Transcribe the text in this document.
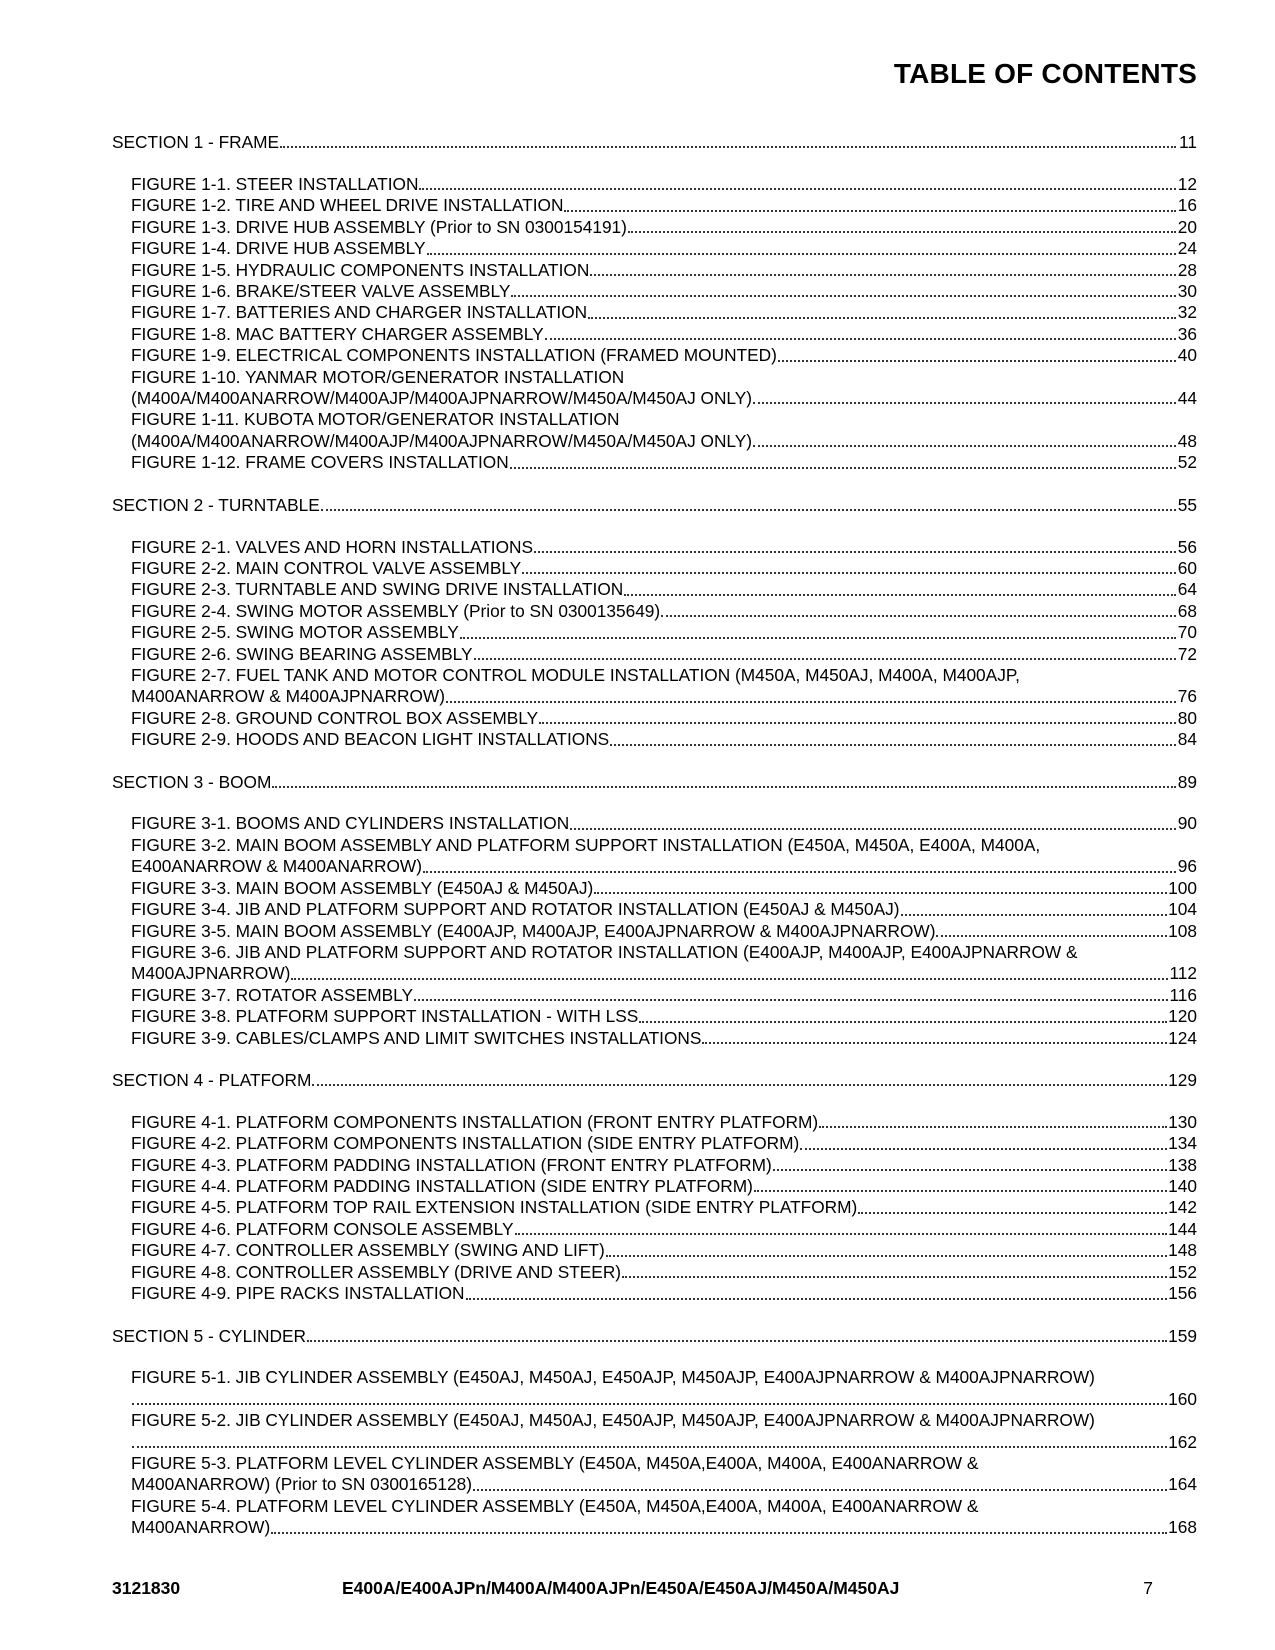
TABLE OF CONTENTS
SECTION 1 - FRAME	11
FIGURE 1-1. STEER INSTALLATION	12
FIGURE 1-2. TIRE AND WHEEL DRIVE INSTALLATION	16
FIGURE 1-3. DRIVE HUB ASSEMBLY (Prior to SN 0300154191)	20
FIGURE 1-4. DRIVE HUB ASSEMBLY	24
FIGURE 1-5. HYDRAULIC COMPONENTS INSTALLATION	28
FIGURE 1-6. BRAKE/STEER VALVE ASSEMBLY	30
FIGURE 1-7. BATTERIES AND CHARGER INSTALLATION	32
FIGURE 1-8. MAC BATTERY CHARGER ASSEMBLY	36
FIGURE 1-9. ELECTRICAL COMPONENTS INSTALLATION (FRAMED MOUNTED)	40
FIGURE 1-10. YANMAR MOTOR/GENERATOR INSTALLATION
(M400A/M400ANARROW/M400AJP/M400AJPNARROW/M450A/M450AJ ONLY)	44
FIGURE 1-11. KUBOTA MOTOR/GENERATOR INSTALLATION
(M400A/M400ANARROW/M400AJP/M400AJPNARROW/M450A/M450AJ ONLY)	48
FIGURE 1-12. FRAME COVERS INSTALLATION	52
SECTION 2 - TURNTABLE	55
FIGURE 2-1. VALVES AND HORN INSTALLATIONS	56
FIGURE 2-2. MAIN CONTROL VALVE ASSEMBLY	60
FIGURE 2-3. TURNTABLE AND SWING DRIVE INSTALLATION	64
FIGURE 2-4. SWING MOTOR ASSEMBLY (Prior to SN 0300135649)	68
FIGURE 2-5. SWING MOTOR ASSEMBLY	70
FIGURE 2-6. SWING BEARING ASSEMBLY	72
FIGURE 2-7. FUEL TANK AND MOTOR CONTROL MODULE INSTALLATION (M450A, M450AJ, M400A, M400AJP,
M400ANARROW & M400AJPNARROW)	76
FIGURE 2-8. GROUND CONTROL BOX ASSEMBLY	80
FIGURE 2-9. HOODS AND BEACON LIGHT INSTALLATIONS	84
SECTION 3 - BOOM	89
FIGURE 3-1. BOOMS AND CYLINDERS INSTALLATION	90
FIGURE 3-2. MAIN BOOM ASSEMBLY AND PLATFORM SUPPORT INSTALLATION (E450A, M450A, E400A, M400A,
E400ANARROW & M400ANARROW)	96
FIGURE 3-3. MAIN BOOM ASSEMBLY (E450AJ & M450AJ)	100
FIGURE 3-4. JIB AND PLATFORM SUPPORT AND ROTATOR INSTALLATION (E450AJ & M450AJ)	104
FIGURE 3-5. MAIN BOOM ASSEMBLY (E400AJP, M400AJP, E400AJPNARROW & M400AJPNARROW)	108
FIGURE 3-6. JIB AND PLATFORM SUPPORT AND ROTATOR INSTALLATION (E400AJP, M400AJP, E400AJPNARROW &
M400AJPNARROW)	112
FIGURE 3-7. ROTATOR ASSEMBLY	116
FIGURE 3-8. PLATFORM SUPPORT INSTALLATION - WITH LSS	120
FIGURE 3-9. CABLES/CLAMPS AND LIMIT SWITCHES INSTALLATIONS	124
SECTION 4 - PLATFORM	129
FIGURE 4-1. PLATFORM COMPONENTS INSTALLATION (FRONT ENTRY PLATFORM)	130
FIGURE 4-2. PLATFORM COMPONENTS INSTALLATION (SIDE ENTRY PLATFORM)	134
FIGURE 4-3. PLATFORM PADDING INSTALLATION (FRONT ENTRY PLATFORM)	138
FIGURE 4-4. PLATFORM PADDING INSTALLATION (SIDE ENTRY PLATFORM)	140
FIGURE 4-5. PLATFORM TOP RAIL EXTENSION INSTALLATION (SIDE ENTRY PLATFORM)	142
FIGURE 4-6. PLATFORM CONSOLE ASSEMBLY	144
FIGURE 4-7. CONTROLLER ASSEMBLY (SWING AND LIFT)	148
FIGURE 4-8. CONTROLLER ASSEMBLY (DRIVE AND STEER)	152
FIGURE 4-9. PIPE RACKS INSTALLATION	156
SECTION 5 - CYLINDER	159
FIGURE 5-1. JIB CYLINDER ASSEMBLY (E450AJ, M450AJ, E450AJP, M450AJP, E400AJPNARROW & M400AJPNARROW)
160
FIGURE 5-2. JIB CYLINDER ASSEMBLY (E450AJ, M450AJ, E450AJP, M450AJP, E400AJPNARROW & M400AJPNARROW)
162
FIGURE 5-3. PLATFORM LEVEL CYLINDER ASSEMBLY (E450A, M450A,E400A, M400A, E400ANARROW &
M400ANARROW) (Prior to SN 0300165128)	164
FIGURE 5-4. PLATFORM LEVEL CYLINDER ASSEMBLY (E450A, M450A,E400A, M400A, E400ANARROW &
M400ANARROW)	168
3121830	E400A/E400AJPn/M400A/M400AJPn/E450A/E450AJ/M450A/M450AJ	7
